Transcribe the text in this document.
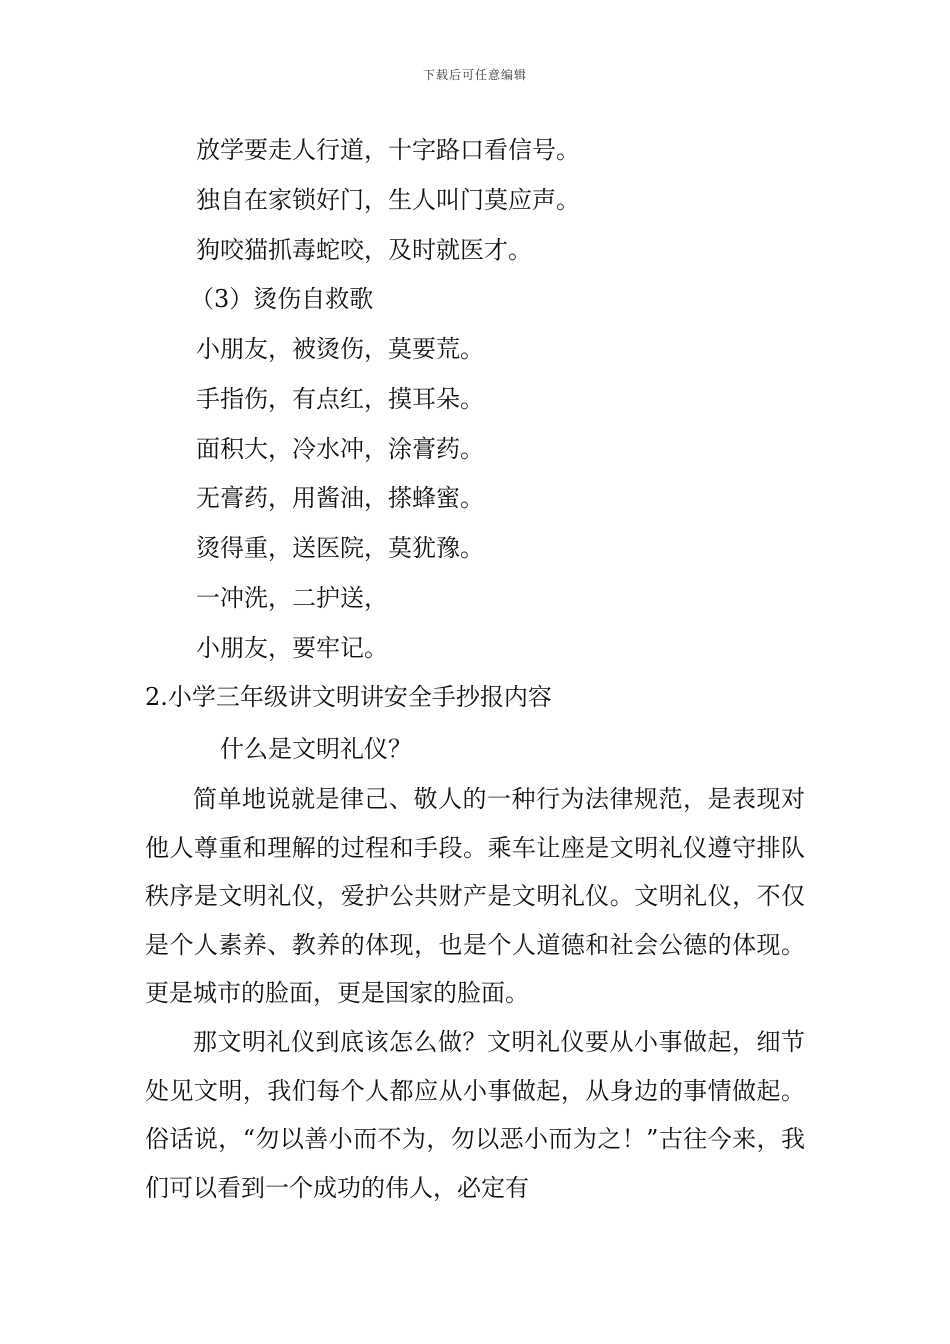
下载后可任意编辑
放学要走人行道，十字路口看信号。
独自在家锁好门，生人叫门莫应声。
狗咬猫抓毒蛇咬，及时就医才。
（3）烫伤自救歌
小朋友，被烫伤，莫要荒。
手指伤，有点红，摸耳朵。
面积大，冷水冲，涂膏药。
无膏药，用酱油，搽蜂蜜。
烫得重，送医院，莫犹豫。
一冲洗，二护送，
小朋友，要牢记。
2.小学三年级讲文明讲安全手抄报内容
什么是文明礼仪？
简单地说就是律己、敬人的一种行为法律规范，是表现对他人尊重和理解的过程和手段。乘车让座是文明礼仪遵守排队秩序是文明礼仪，爱护公共财产是文明礼仪。文明礼仪，不仅是个人素养、教养的体现，也是个人道德和社会公德的体现。更是城市的脸面，更是国家的脸面。
那文明礼仪到底该怎么做？文明礼仪要从小事做起，细节处见文明，我们每个人都应从小事做起，从身边的事情做起。俗话说，“勿以善小而不为，勿以恶小而为之！”古往今来，我们可以看到一个成功的伟人，必定有
